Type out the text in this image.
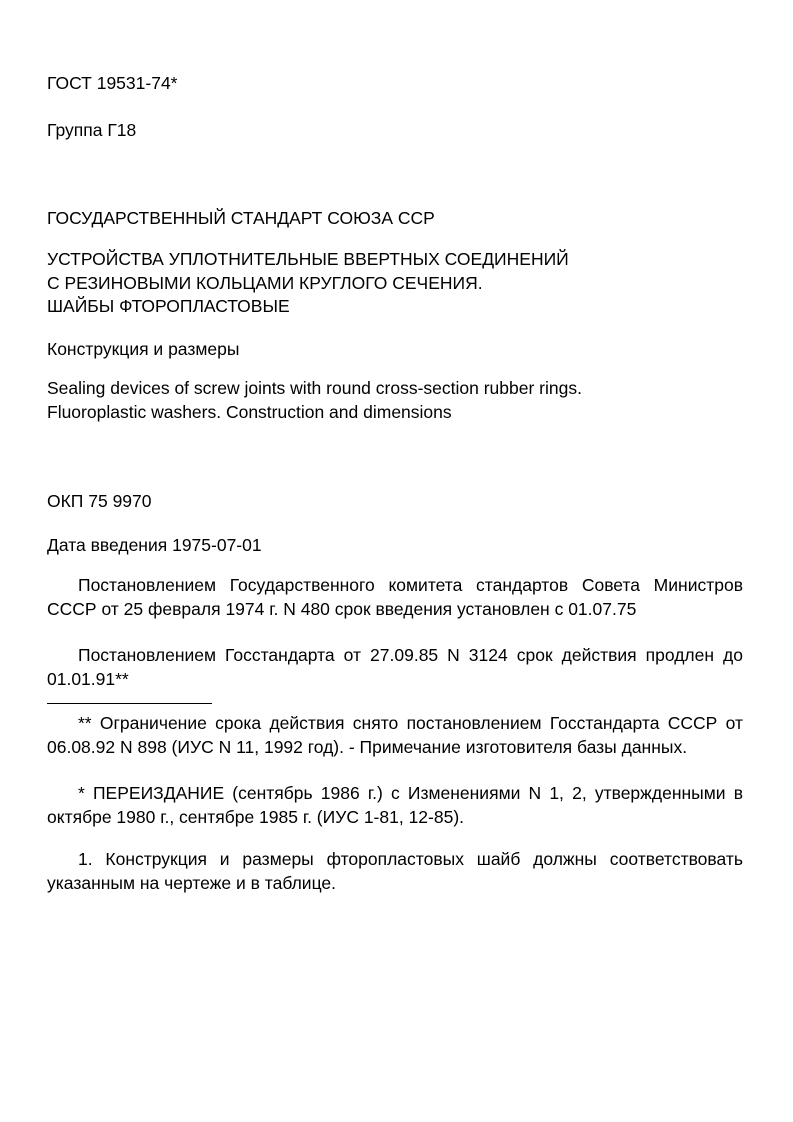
ГОСТ 19531-74*
Группа Г18
ГОСУДАРСТВЕННЫЙ СТАНДАРТ СОЮЗА ССР
УСТРОЙСТВА УПЛОТНИТЕЛЬНЫЕ ВВЕРТНЫХ СОЕДИНЕНИЙ
С РЕЗИНОВЫМИ КОЛЬЦАМИ КРУГЛОГО СЕЧЕНИЯ.
ШАЙБЫ ФТОРОПЛАСТОВЫЕ
Конструкция и размеры
Sealing devices of screw joints with round cross-section rubber rings.
Fluoroplastic washers. Construction and dimensions
ОКП 75 9970
Дата введения 1975-07-01
Постановлением Государственного комитета стандартов Совета Министров СССР от 25 февраля 1974 г. N 480 срок введения установлен с 01.07.75
Постановлением Госстандарта от 27.09.85 N 3124 срок действия продлен до 01.01.91**
** Ограничение срока действия снято постановлением Госстандарта СССР от 06.08.92 N 898 (ИУС N 11, 1992 год). - Примечание изготовителя базы данных.
* ПЕРЕИЗДАНИЕ (сентябрь 1986 г.) с Изменениями N 1, 2, утвержденными в октябре 1980 г., сентябре 1985 г. (ИУС 1-81, 12-85).
1. Конструкция и размеры фторопластовых шайб должны соответствовать указанным на чертеже и в таблице.
